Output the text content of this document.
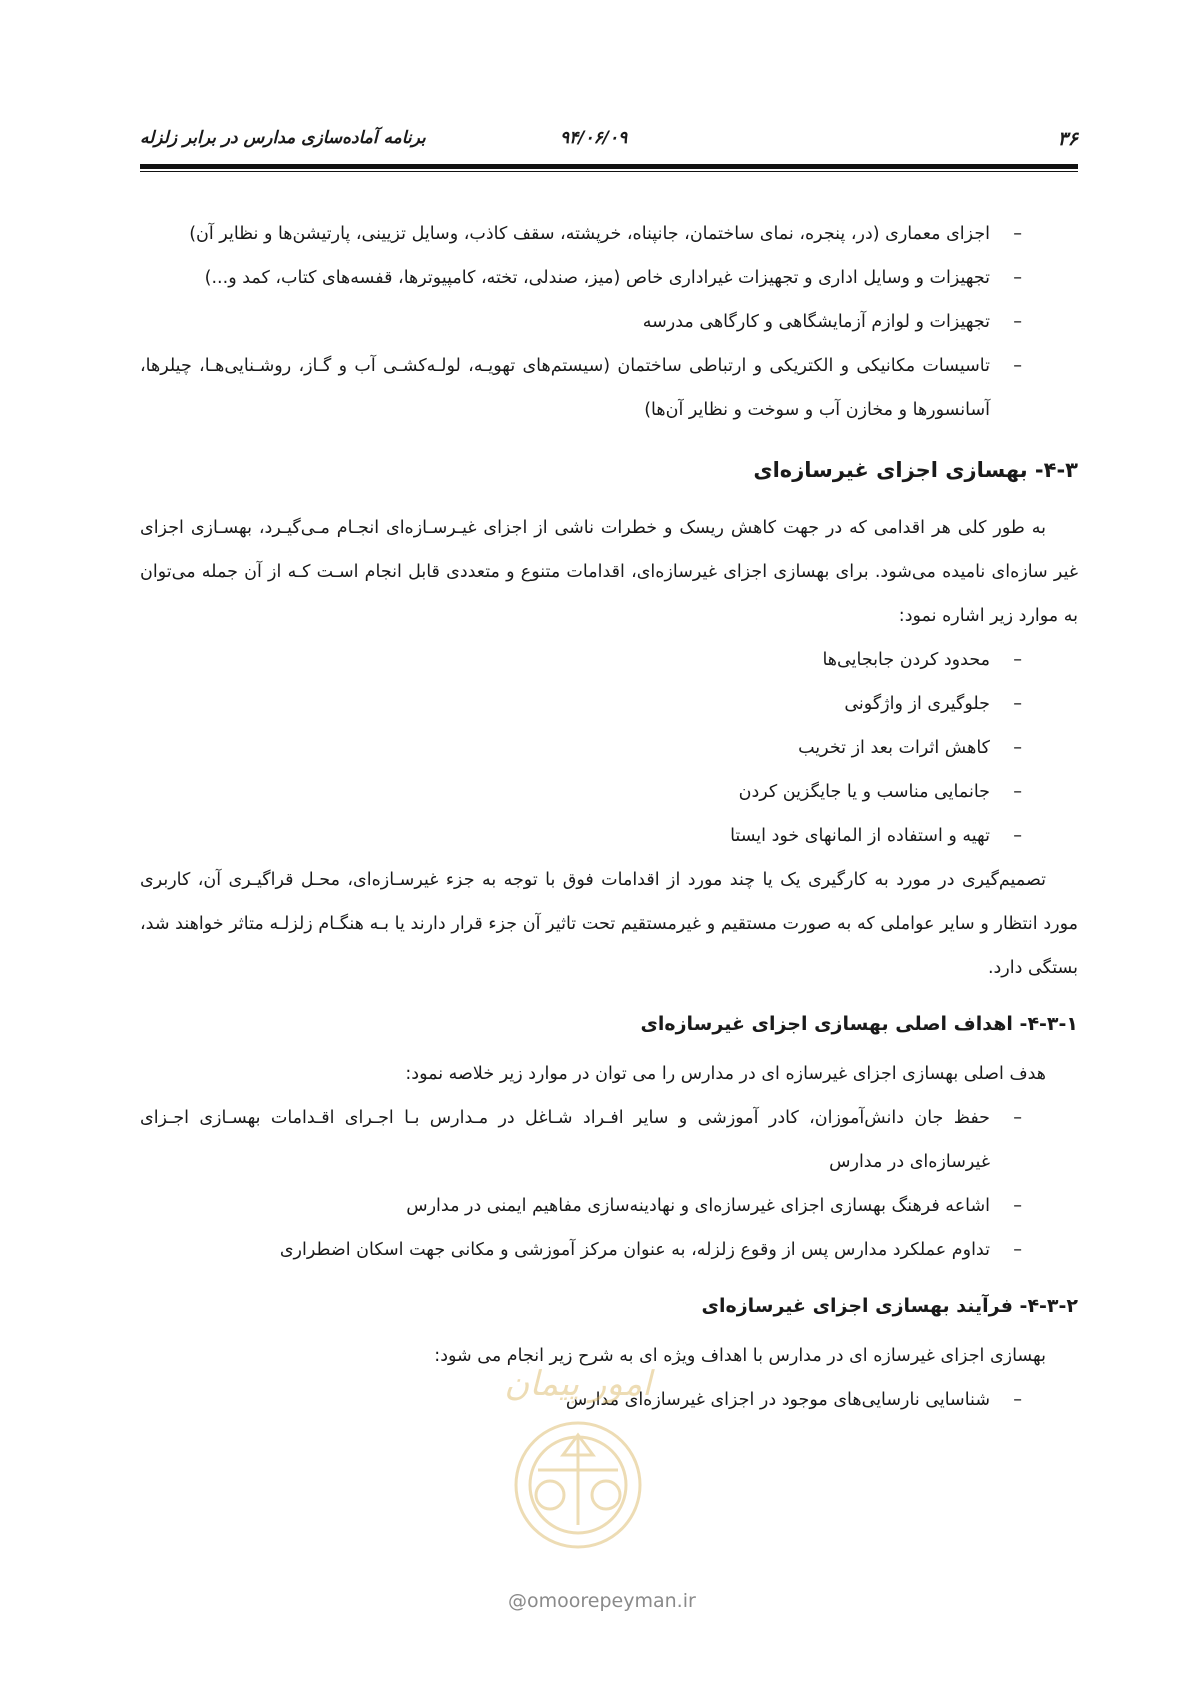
۳۶
۹۴/۰۶/۰۹
برنامه آماده‌سازی مدارس در برابر زلزله
–
اجزای معماری (در، پنجره، نمای ساختمان، جانپناه، خرپشته، سقف کاذب، وسایل تزیینی، پارتیشن‌ها و نظایر آن)
–
تجهیزات و وسایل اداری و تجهیزات غیراداری خاص (میز، صندلی، تخته، کامپیوترها، قفسه‌های کتاب، کمد و...)
–
تجهیزات و لوازم آزمایشگاهی و کارگاهی مدرسه
–
تاسیسات مکانیکی و الکتریکی و ارتباطی ساختمان (سیستم‌های تهویـه، لولـه‌کشـی آب و گـاز، روشـنایی‌هـا، چیلرها، آسانسورها و مخازن آب و سوخت و نظایر آن‌ها)
۴-۳- بهسازی اجزای غیرسازه‌ای

به طور کلی هر اقدامی که در جهت کاهش ریسک و خطرات ناشی از اجزای غیـرسـازه‌ای انجـام مـی‌گیـرد، بهسـازی اجزای غیر سازه‌ای نامیده می‌شود. برای بهسازی اجزای غیرسازه‌ای، اقدامات متنوع و متعددی قابل انجام اسـت کـه از آن جمله می‌توان به موارد زیر اشاره نمود:

–
محدود کردن جابجایی‌ها
–
جلوگیری از واژگونی
–
کاهش اثرات بعد از تخریب
–
جانمایی مناسب و یا جایگزین کردن
–
تهیه و استفاده از المانهای خود ایستا

تصمیم‌گیری در مورد به کارگیری یک یا چند مورد از اقدامات فوق با توجه به جزء غیرسـازه‌ای، محـل قراگیـری آن، کاربری مورد انتظار و سایر عواملی که به صورت مستقیم و غیرمستقیم تحت تاثیر آن جزء قرار دارند یا بـه هنگـام زلزلـه متاثر خواهند شد، بستگی دارد.

۴-۳-۱- اهداف اصلی بهسازی اجزای غیرسازه‌ای

هدف اصلی بهسازی اجزای غیرسازه ای در مدارس را می توان در موارد زیر خلاصه نمود:

–
حفظ جان دانش‌آموزان، کادر آموزشی و سایر افـراد شـاغل در مـدارس بـا اجـرای اقـدامات بهسـازی اجـزای غیرسازه‌ای در مدارس
–
اشاعه فرهنگ بهسازی اجزای غیرسازه‌ای و نهادینه‌سازی مفاهیم ایمنی در مدارس
–
تداوم عملکرد مدارس پس از وقوع زلزله، به عنوان مرکز آموزشی و مکانی جهت اسکان اضطراری
۴-۳-۲- فرآیند بهسازی اجزای غیرسازه‌ای

بهسازی اجزای غیرسازه ای در مدارس با اهداف ویژه ای به شرح زیر انجام می شود:

–
شناسایی نارسایی‌های موجود در اجزای غیرسازه‌ای مدارس
امور پیمان
@omoorepeyman.ir
